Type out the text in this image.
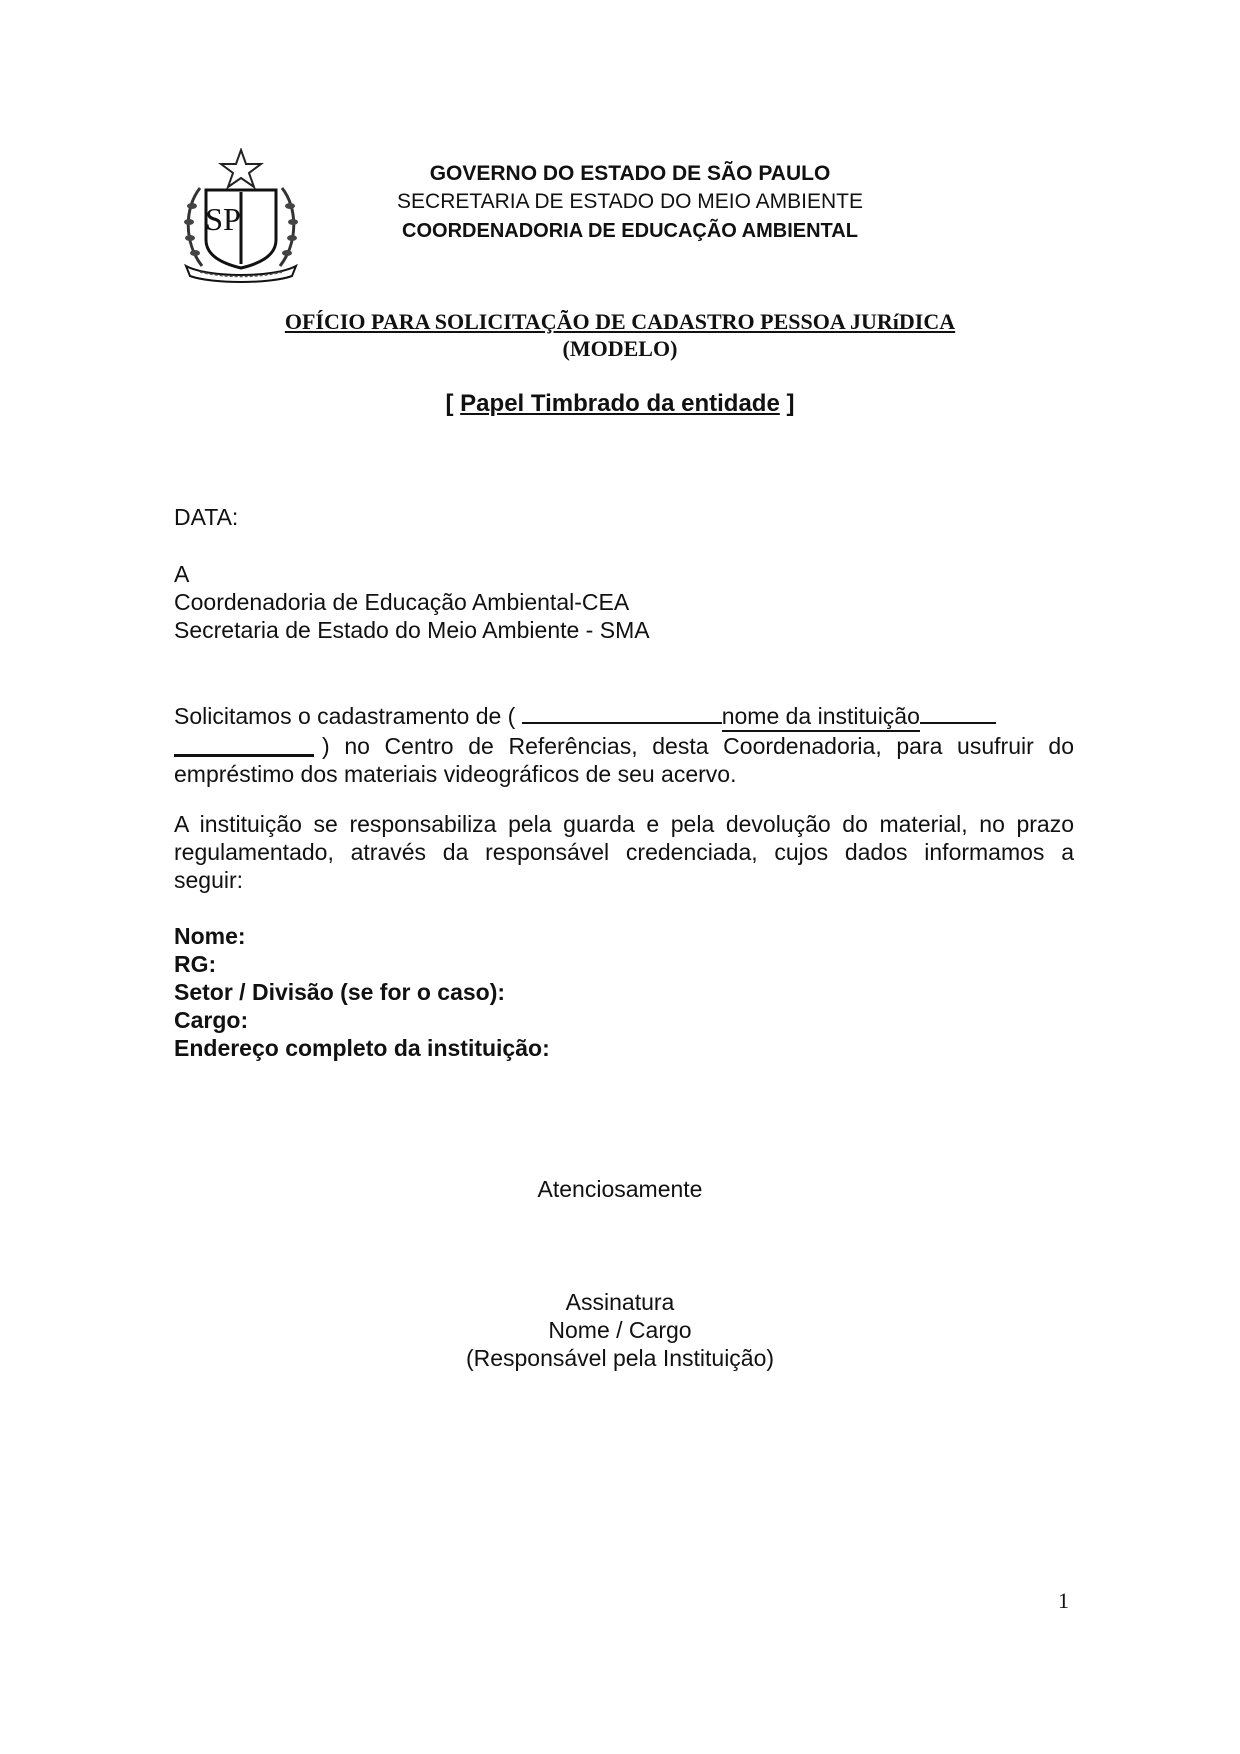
SP
GOVERNO DO ESTADO DE SÃO PAULO
SECRETARIA DE ESTADO DO MEIO AMBIENTE
COORDENADORIA DE EDUCAÇÃO AMBIENTAL
OFÍCIO PARA SOLICITAÇÃO DE CADASTRO PESSOA JURíDICA
(MODELO)
[ Papel Timbrado da entidade ]
DATA:
A
Coordenadoria de Educação Ambiental-CEA
Secretaria de Estado do Meio Ambiente - SMA
Solicitamos o cadastramento de (	nome da instituição
) no Centro de Referências, desta Coordenadoria, para usufruir do
empréstimo dos materiais videográficos de seu acervo.
A instituição se responsabiliza pela guarda e pela devolução do material, no prazo
regulamentado, através da responsável credenciada, cujos dados informamos a
seguir:
Nome:
RG:
Setor / Divisão (se for o caso):
Cargo:
Endereço completo da instituição:
Atenciosamente
Assinatura
Nome / Cargo
(Responsável pela Instituição)
1
